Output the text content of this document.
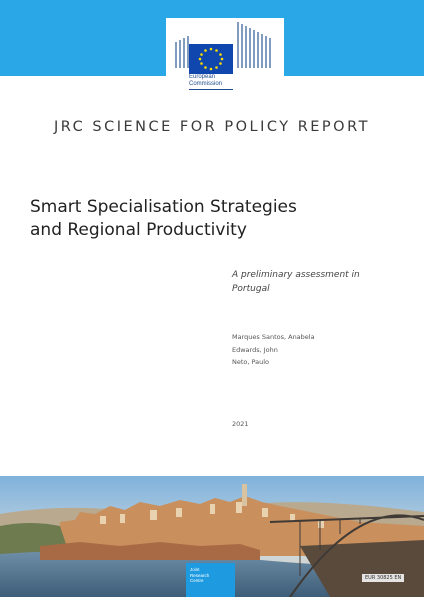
European
Commission
JRC SCIENCE FOR POLICY REPORT
Smart Specialisation Strategies
and Regional Productivity
A preliminary assessment in
Portugal
Marques Santos, Anabela
Edwards, John
Neto, Paulo
2021
Joint
Research
Centre	EUR 30825 EN
